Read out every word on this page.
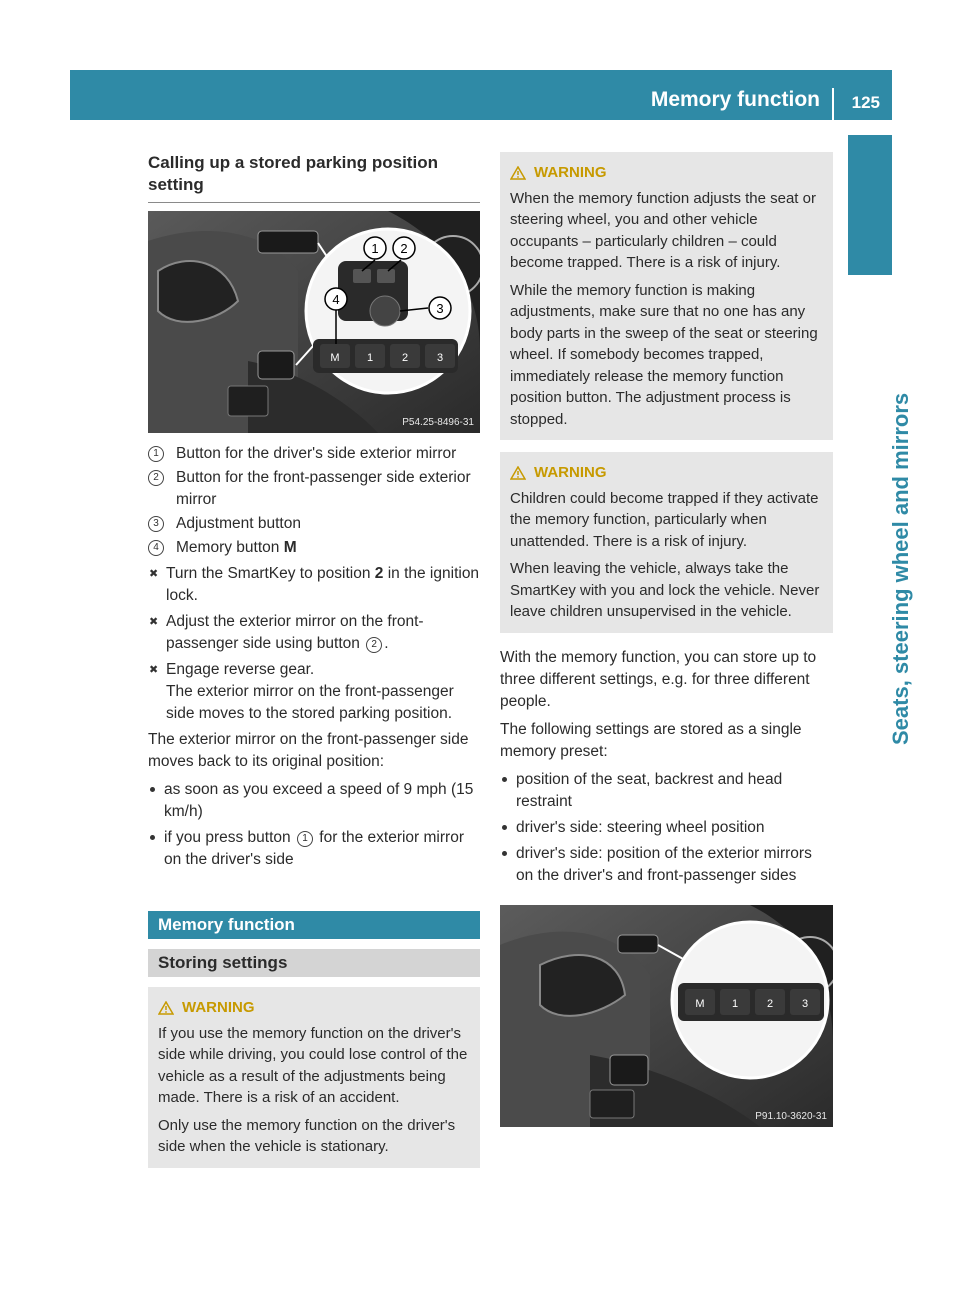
Memory function 125
Seats, steering wheel and mirrors
Calling up a stored parking position setting
M 1	2	3
1 2
3
4
P54.25-8496-31
1	Button for the driver's side exterior mirror
2	Button for the front-passenger side exterior mirror
3	Adjustment button
4	Memory button M
✖ Turn the SmartKey to position 2 in the ignition lock.
✖ Adjust the exterior mirror on the front-passenger side using button 2 .
✖ Engage reverse gear.
The exterior mirror on the front-passenger side moves to the stored parking position.

The exterior mirror on the front-passenger side moves back to its original position:

as soon as you exceed a speed of 9 mph (15 km/h)
if you press button 1 for the exterior mirror on the driver's side
Memory function
Storing settings
WARNING

If you use the memory function on the driver's side while driving, you could lose control of the vehicle as a result of the adjustments being made. There is a risk of an accident.

Only use the memory function on the driver's side when the vehicle is stationary.

WARNING

When the memory function adjusts the seat or steering wheel, you and other vehicle occupants – particularly children – could become trapped. There is a risk of injury.

While the memory function is making adjustments, make sure that no one has any body parts in the sweep of the seat or steering wheel. If somebody becomes trapped, immediately release the memory function position button. The adjustment process is stopped.

WARNING

Children could become trapped if they activate the memory function, particularly when unattended. There is a risk of injury.

When leaving the vehicle, always take the SmartKey with you and lock the vehicle. Never leave children unsupervised in the vehicle.

With the memory function, you can store up to three different settings, e.g. for three different people.

The following settings are stored as a single memory preset:

position of the seat, backrest and head restraint
driver's side: steering wheel position
driver's side: position of the exterior mirrors on the driver's and front-passenger sides
M 1	2	3
P91.10-3620-31
